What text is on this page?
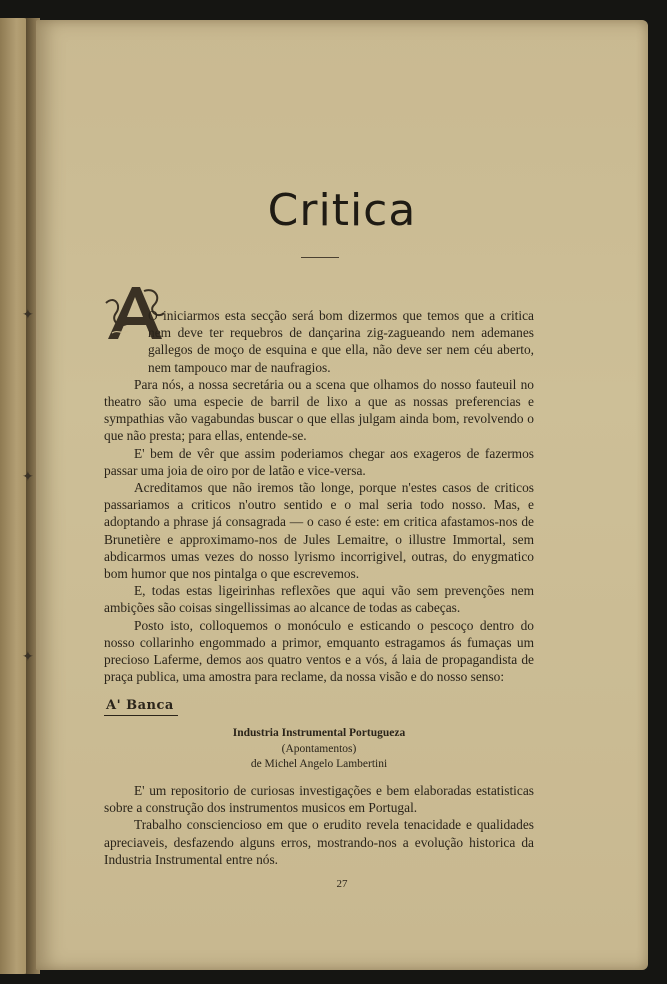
✦
✦
✦
Critica

O iniciarmos esta secção será bom dizermos que temos que a critica nem deve ter requebros de dançarina zig-zagueando nem ademanes gallegos de moço de esquina e que ella, não deve ser nem céu aberto, nem tampouco mar de naufragios.

Para nós, a nossa secretária ou a scena que olhamos do nosso fauteuil no theatro são uma especie de barril de lixo a que as nossas preferencias e sympathias vão vagabundas buscar o que ellas julgam ainda bom, revolvendo o que não presta; para ellas, entende-se.

E' bem de vêr que assim poderiamos chegar aos exageros de fazermos passar uma joia de oiro por de latão e vice-versa.

Acreditamos que não iremos tão longe, porque n'estes casos de criticos passariamos a criticos n'outro sentido e o mal seria todo nosso. Mas, e adoptando a phrase já consagrada — o caso é este: em critica afastamos-nos de Brunetière e approximamo-nos de Jules Lemaitre, o illustre Immortal, sem abdicarmos umas vezes do nosso lyrismo incorrigivel, outras, do enygmatico bom humor que nos pintalga o que escrevemos.

E, todas estas ligeirinhas reflexões que aqui vão sem prevenções nem ambições são coisas singellissimas ao alcance de todas as cabeças.

Posto isto, colloquemos o monóculo e esticando o pescoço dentro do nosso collarinho engommado a primor, emquanto estragamos ás fumaças um precioso Laferme, demos aos quatro ventos e a vós, á laia de propagandista de praça publica, uma amostra para reclame, da nossa visão e do nosso senso:

A' Banca
Industria Instrumental Portugueza
(Apontamentos)
de Michel Angelo Lambertini

E' um repositorio de curiosas investigações e bem elaboradas estatisticas sobre a construção dos instrumentos musicos em Portugal.

Trabalho consciencioso em que o erudito revela tenacidade e qualidades apreciaveis, desfazendo alguns erros, mostrando-nos a evolução historica da Industria Instrumental entre nós.

27
